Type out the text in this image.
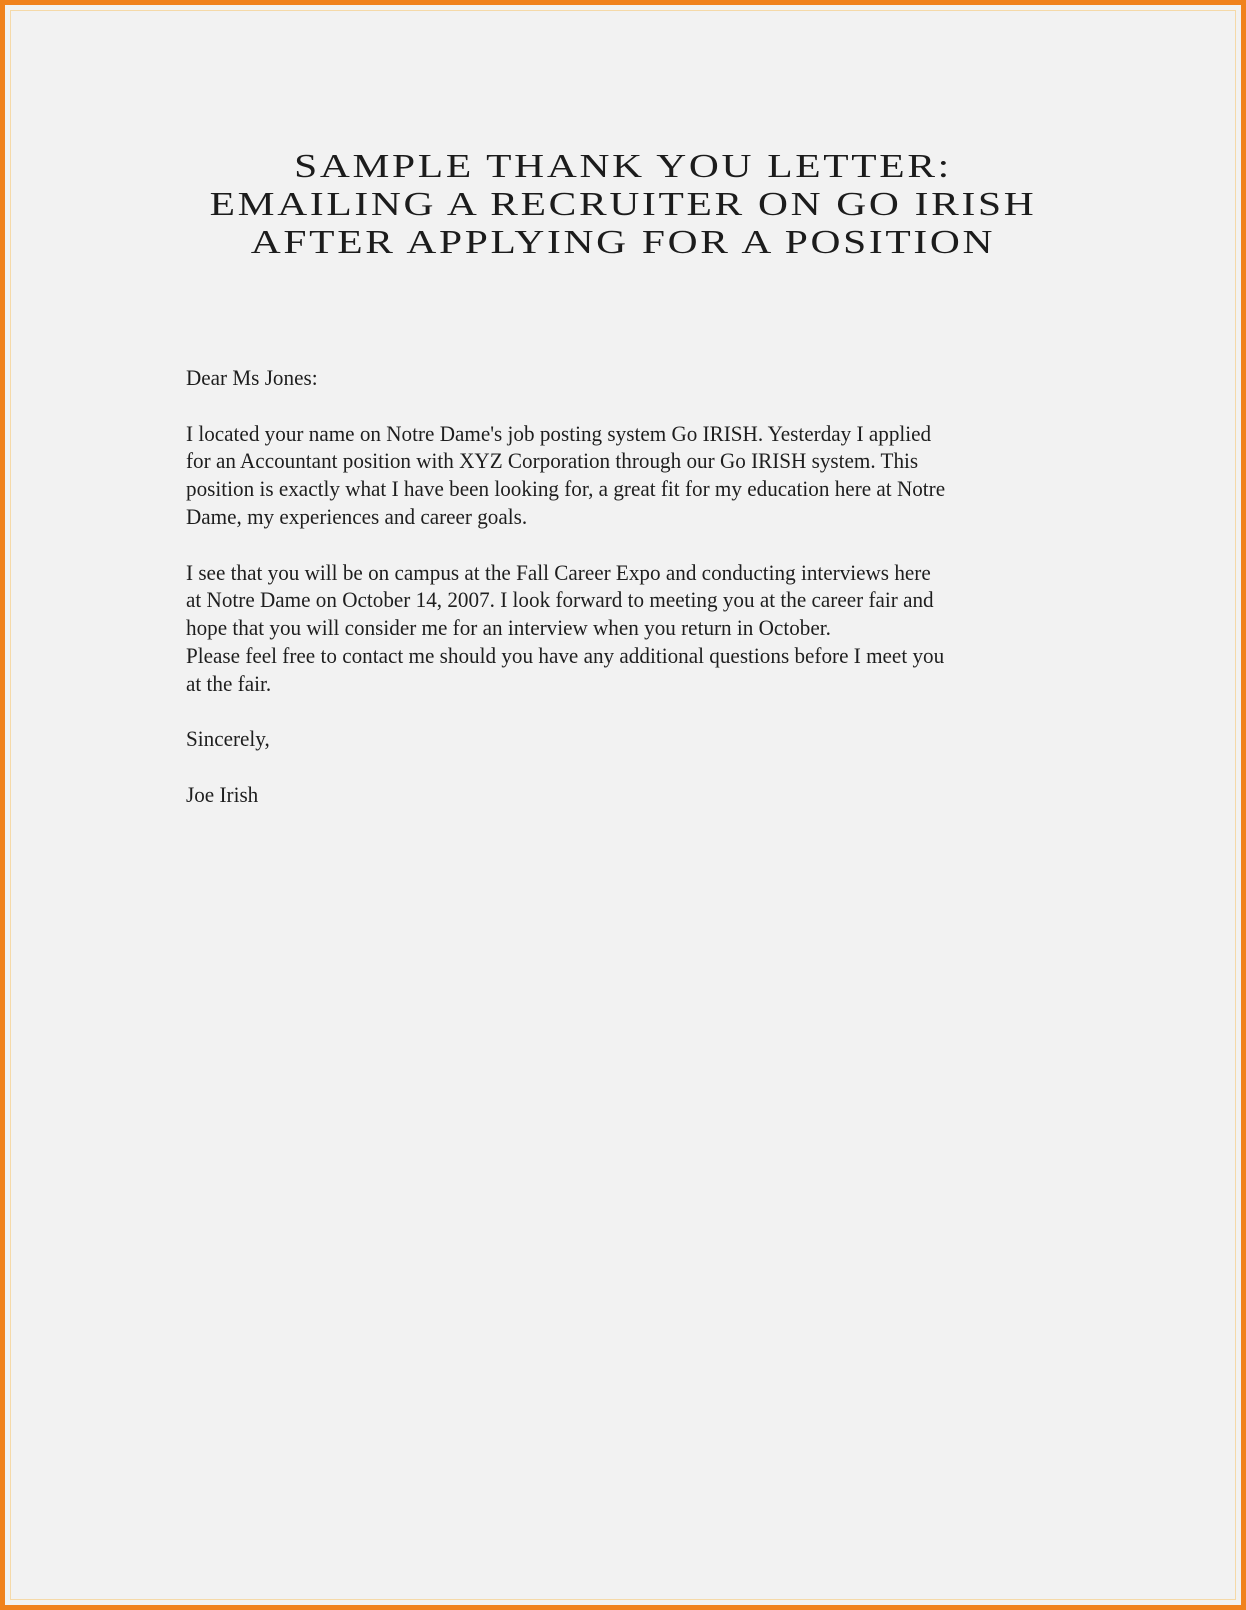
SAMPLE THANK YOU LETTER:
EMAILING A RECRUITER ON GO IRISH
AFTER APPLYING FOR A POSITION

Dear Ms Jones:

I located your name on Notre Dame's job posting system Go IRISH. Yesterday I applied

for an Accountant position with XYZ Corporation through our Go IRISH system. This

position is exactly what I have been looking for, a great fit for my education here at Notre

Dame, my experiences and career goals.

I see that you will be on campus at the Fall Career Expo and conducting interviews here

at Notre Dame on October 14, 2007. I look forward to meeting you at the career fair and

hope that you will consider me for an interview when you return in October.

Please feel free to contact me should you have any additional questions before I meet you

at the fair.

Sincerely,

Joe Irish
